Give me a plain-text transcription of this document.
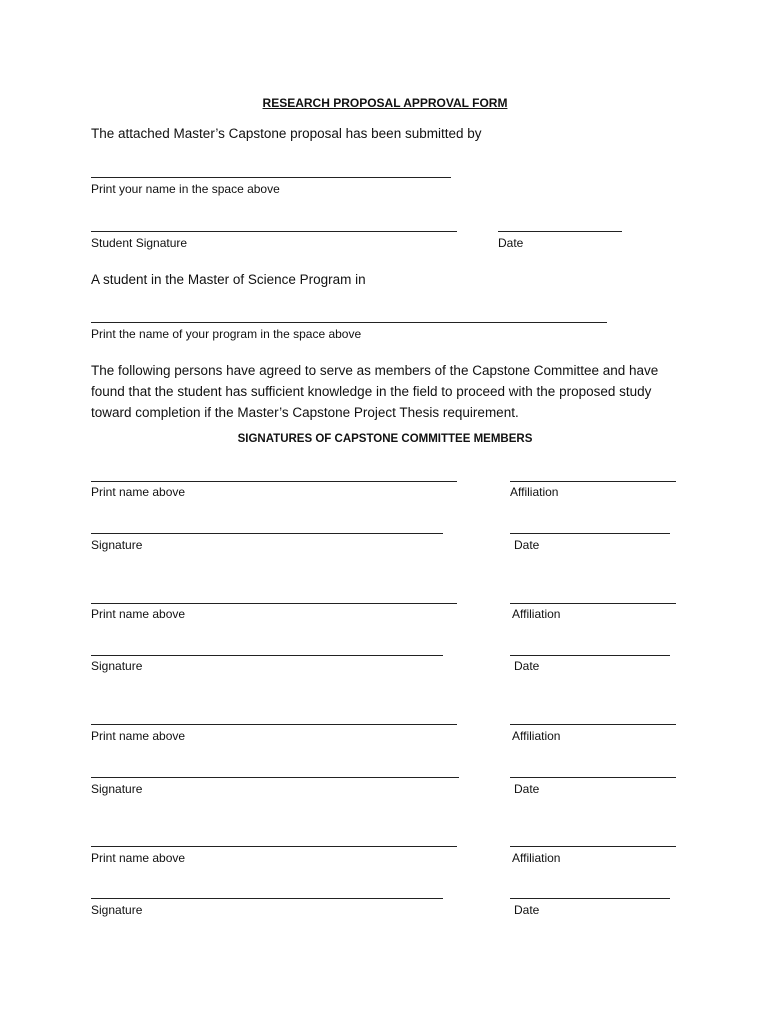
RESEARCH PROPOSAL APPROVAL FORM
The attached Master’s Capstone proposal has been submitted by
Print your name in the space above
Student Signature	Date
A student in the Master of Science Program in
Print the name of your program in the space above
The following persons have agreed to serve as members of the Capstone Committee and have found that the student has sufficient knowledge in the field to proceed with the proposed study toward completion if the Master’s Capstone Project Thesis requirement.
SIGNATURES OF CAPSTONE COMMITTEE MEMBERS
Print name above	Affiliation
Signature	Date
Print name above	Affiliation
Signature	Date
Print name above	Affiliation
Signature	Date
Print name above	Affiliation
Signature	Date
